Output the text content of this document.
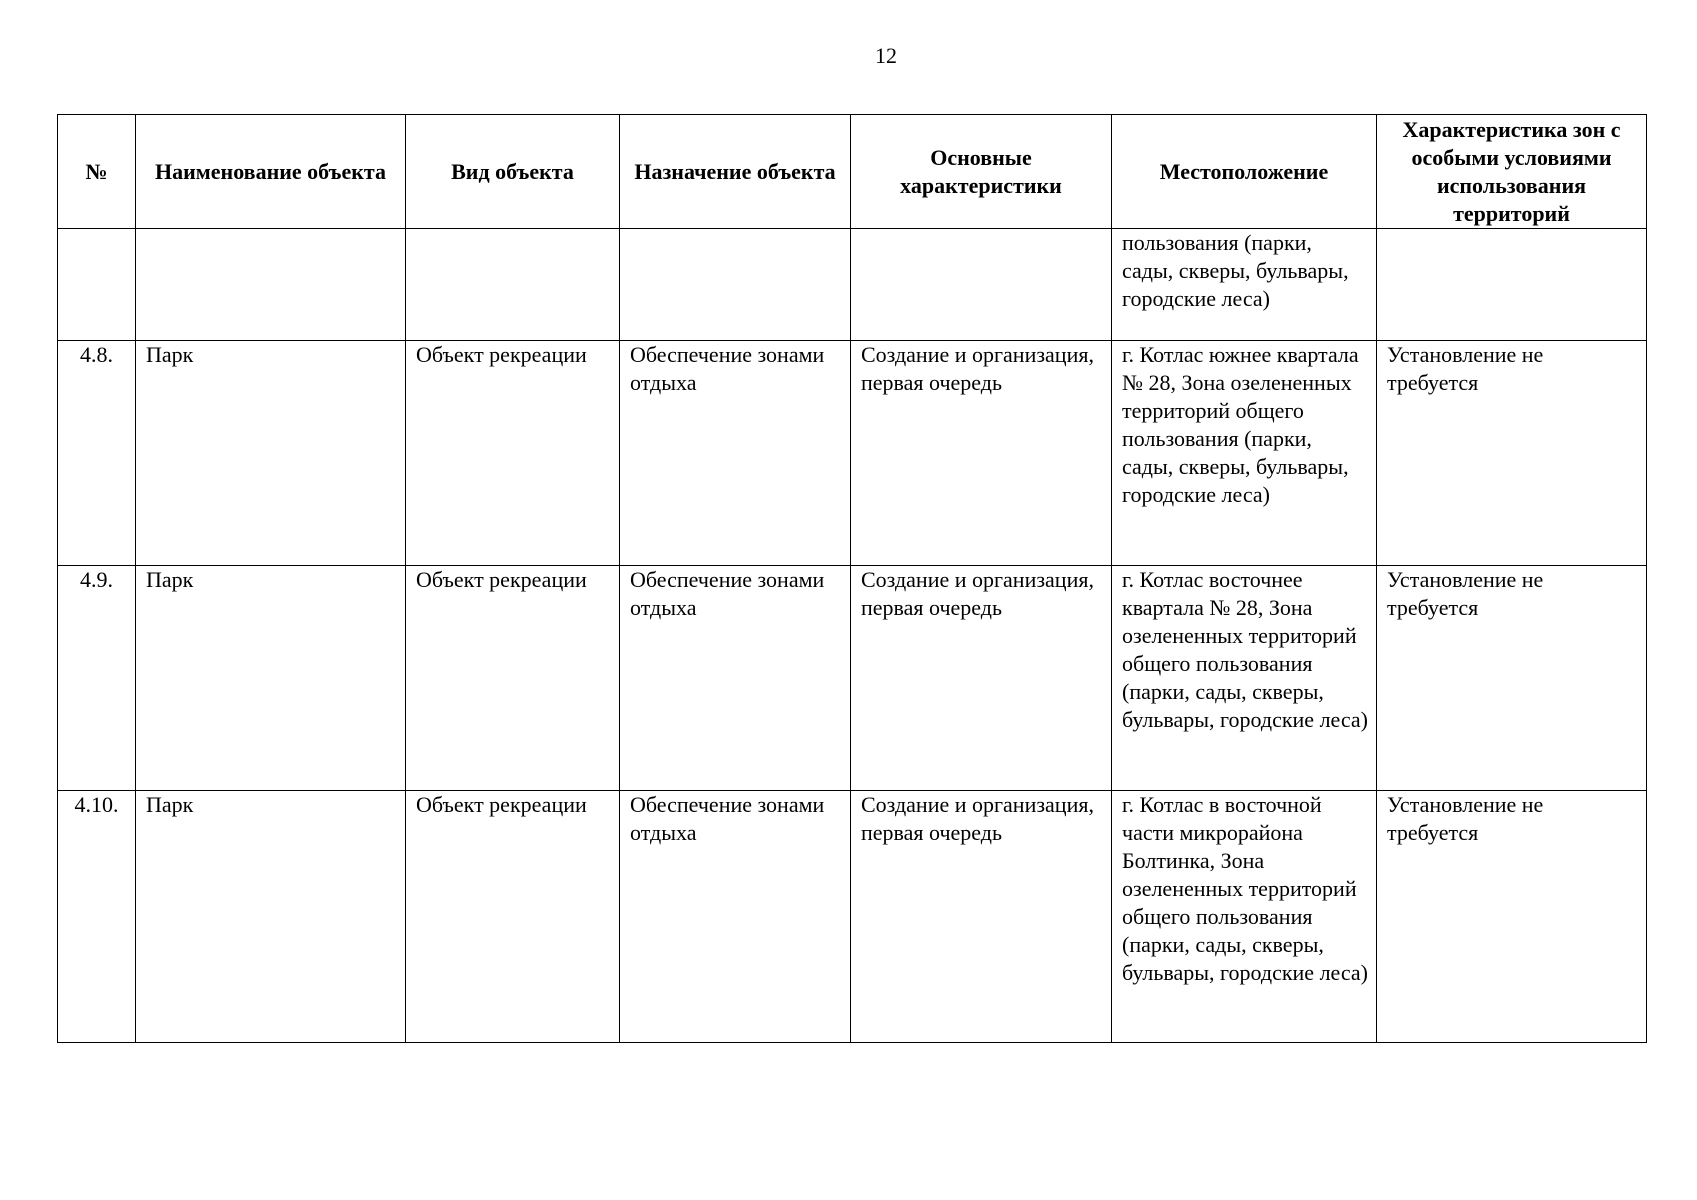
12
№	Наименование объекта	Вид объекта	Назначение объекта	Основные характеристики	Местоположение	Характеристика зон с особыми условиями использования территорий
					пользования (парки, сады, скверы, бульвары, городские леса)	
4.8.	Парк	Объект рекреации	Обеспечение зонами отдыха	Создание и организация, первая очередь	г. Котлас южнее квартала № 28, Зона озелененных территорий общего пользования (парки, сады, скверы, бульвары, городские леса)	Установление не требуется
4.9.	Парк	Объект рекреации	Обеспечение зонами отдыха	Создание и организация, первая очередь	г. Котлас восточнее квартала № 28, Зона озелененных территорий общего пользования (парки, сады, скверы, бульвары, городские леса)	Установление не требуется
4.10.	Парк	Объект рекреации	Обеспечение зонами отдыха	Создание и организация, первая очередь	г. Котлас в восточной части микрорайона Болтинка, Зона озелененных территорий общего пользования (парки, сады, скверы, бульвары, городские леса)	Установление не требуется
